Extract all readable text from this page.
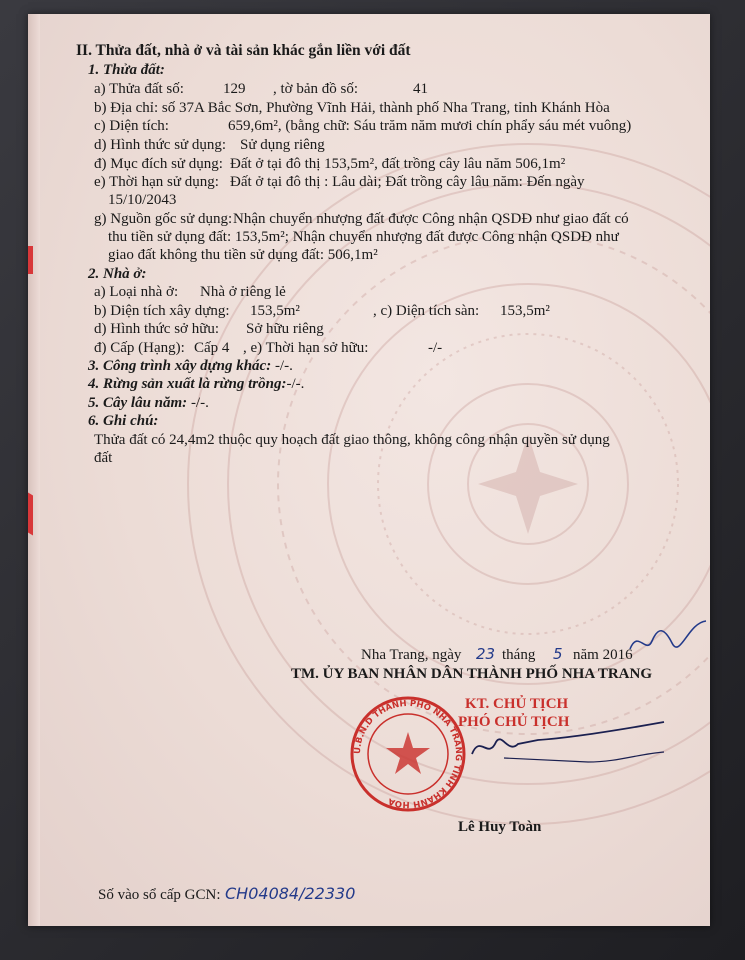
II. Thửa đất, nhà ở và tài sản khác gắn liền với đất
1. Thửa đất:
a) Thửa đất số:	129 , tờ bản đồ số:	41
b) Địa chỉ: số 37A Bắc Sơn, Phường Vĩnh Hải, thành phố Nha Trang, tỉnh Khánh Hòa
c) Diện tích:	659,6m², (bằng chữ: Sáu trăm năm mươi chín phẩy sáu mét vuông)
d) Hình thức sử dụng: Sử dụng riêng
đ) Mục đích sử dụng: Đất ở tại đô thị 153,5m², đất trồng cây lâu năm 506,1m²
e) Thời hạn sử dụng: Đất ở tại đô thị : Lâu dài; Đất trồng cây lâu năm: Đến ngày
15/10/2043
g) Nguồn gốc sử dụng: Nhận chuyển nhượng đất được Công nhận QSDĐ như giao đất có
thu tiền sử dụng đất: 153,5m²; Nhận chuyển nhượng đất được Công nhận QSDĐ như
giao đất không thu tiền sử dụng đất: 506,1m²
2. Nhà ở:
a) Loại nhà ở: Nhà ở riêng lẻ
b) Diện tích xây dựng: 153,5m²	, c) Diện tích sàn: 153,5m²
d) Hình thức sở hữu: Sở hữu riêng
đ) Cấp (Hạng): Cấp 4 , e) Thời hạn sở hữu:	-/-
3. Công trình xây dựng khác: -/-.
4. Rừng sản xuất là rừng trồng:-/-.
5. Cây lâu năm: -/-.
6. Ghi chú:
Thửa đất có 24,4m2 thuộc quy hoạch đất giao thông, không công nhận quyền sử dụng
đất
Nha Trang, ngày 23 tháng 5 năm 2016
TM. ỦY BAN NHÂN DÂN THÀNH PHỐ NHA TRANG
KT. CHỦ TỊCH
PHÓ CHỦ TỊCH
Ủ.B.N.D THÀNH PHỐ NHA TRANG TỈNH KHÁNH HÒA
Lê Huy Toàn
Số vào sổ cấp GCN: CH04084/22330
